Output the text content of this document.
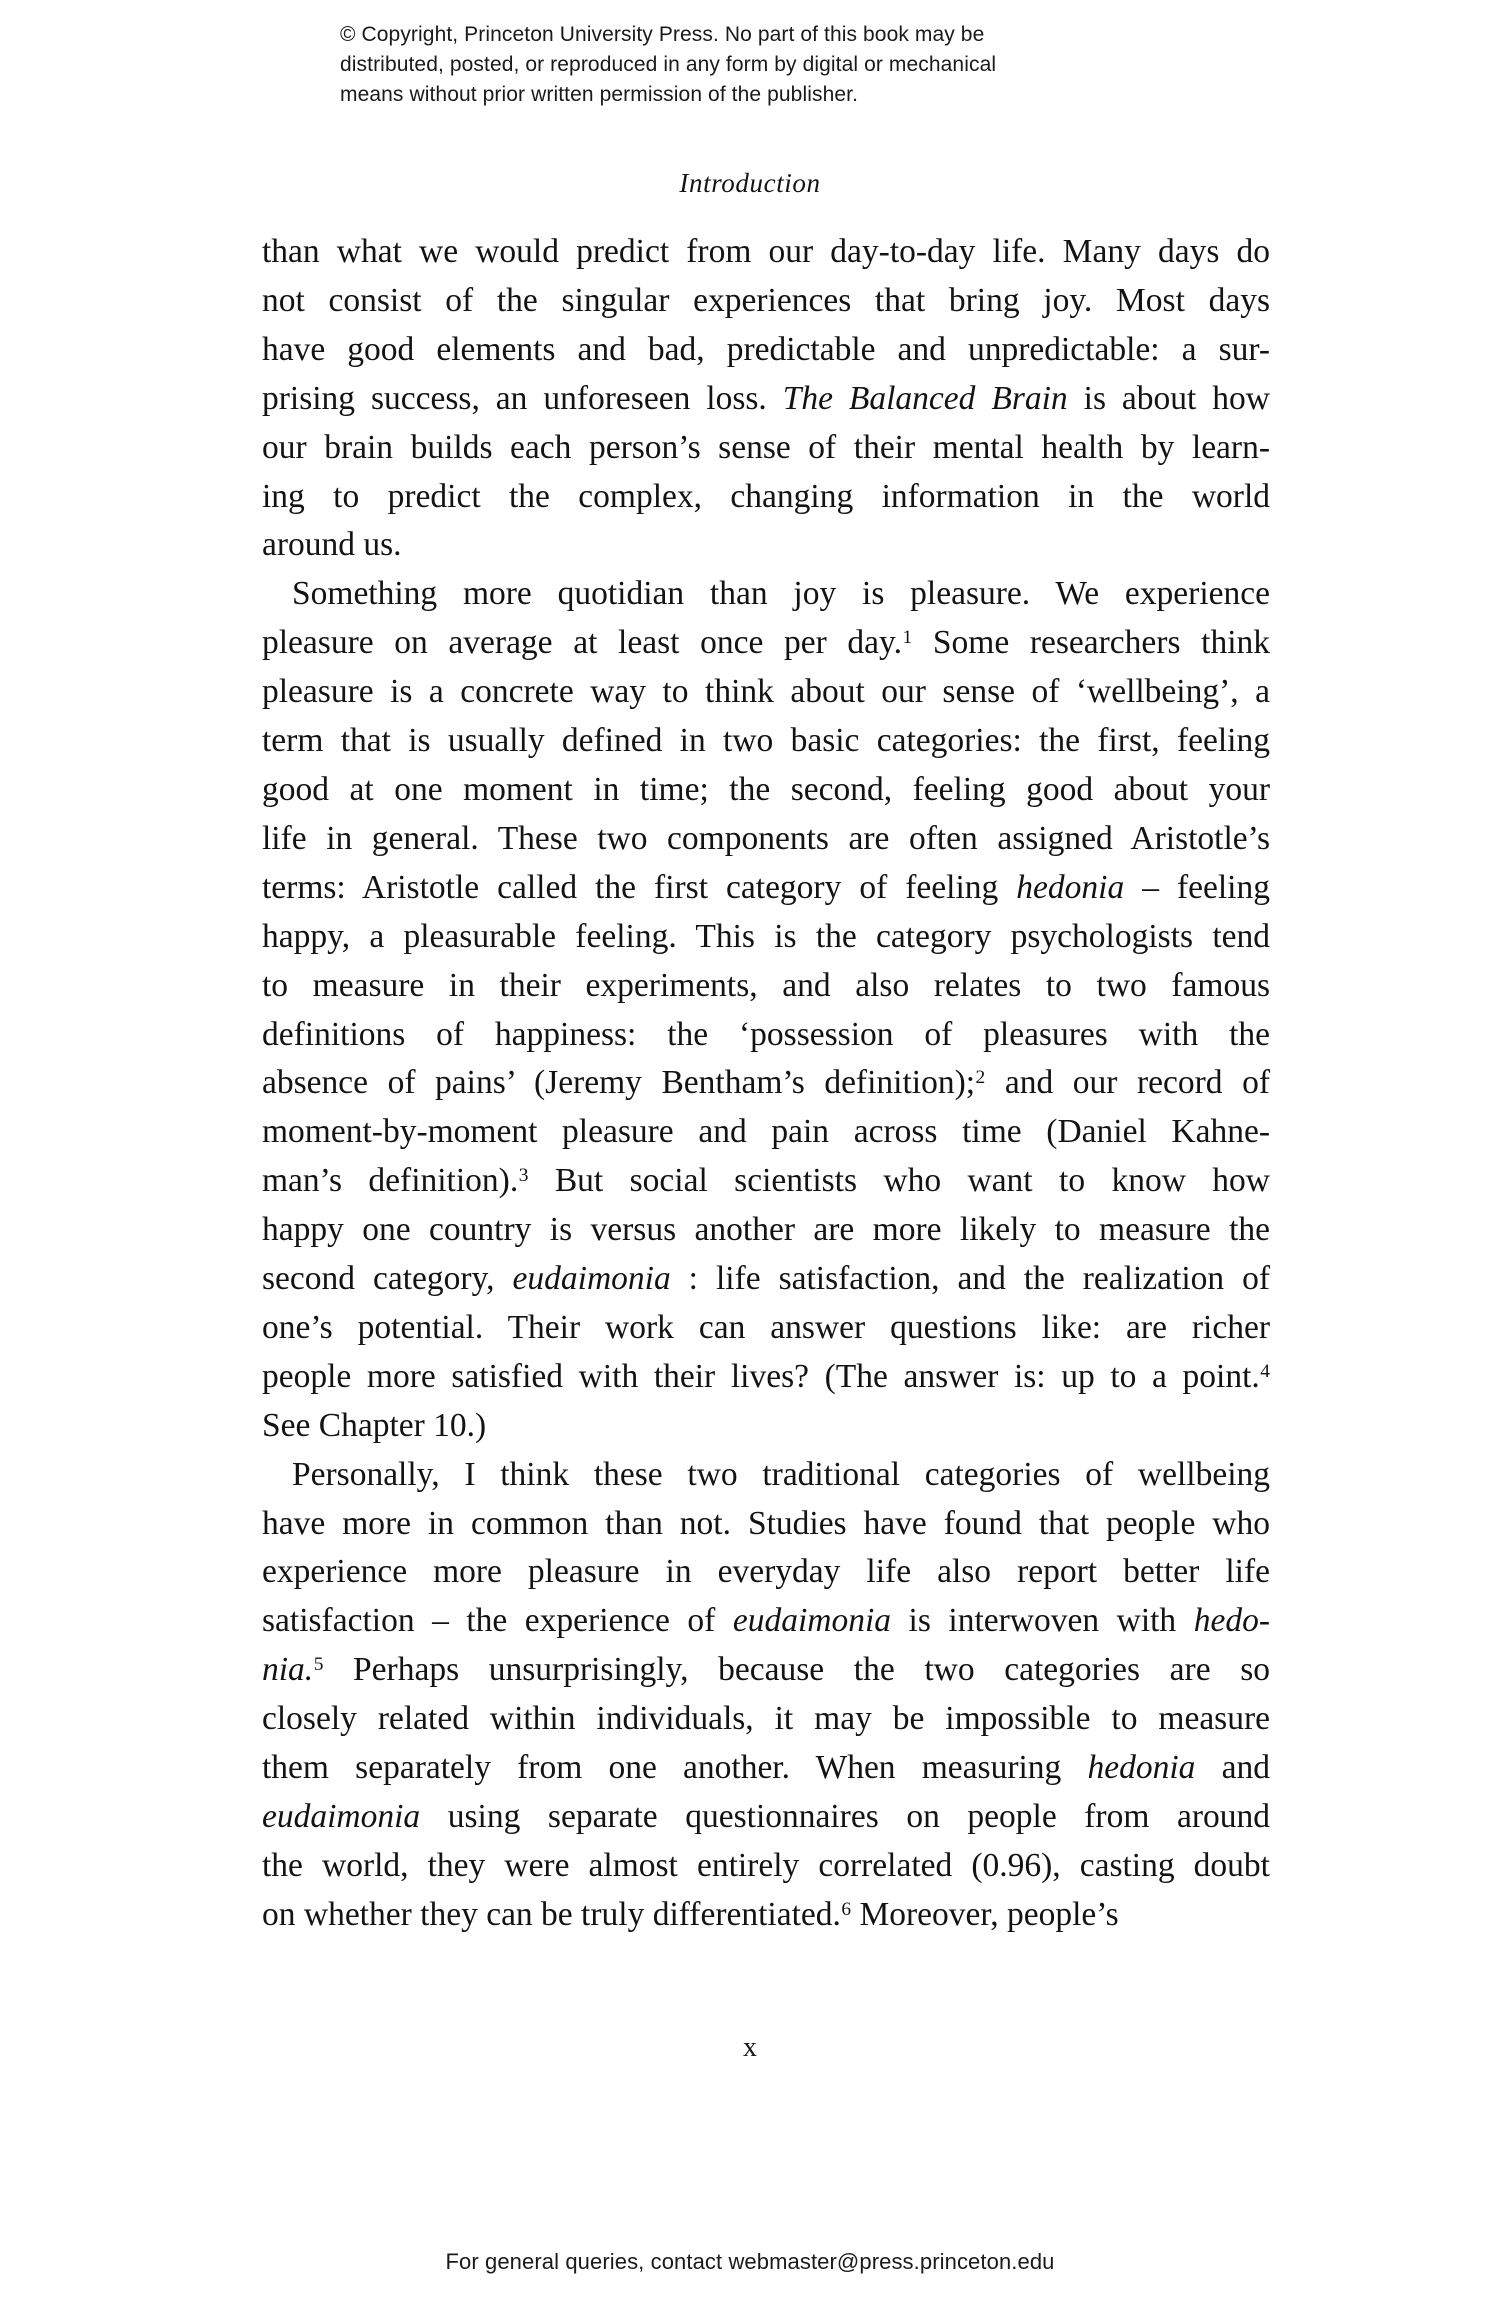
© Copyright, Princeton University Press. No part of this book may be
distributed, posted, or reproduced in any form by digital or mechanical
means without prior written permission of the publisher.
Introduction

than what we would predict from our day-to-day life. Many days do
not consist of the singular experiences that bring joy. Most days
have good elements and bad, predictable and unpredictable: a sur-
prising success, an unforeseen loss. The Balanced Brain is about how
our brain builds each person’s sense of their mental health by learn-
ing to predict the complex, changing information in the world
around us.

Something more quotidian than joy is pleasure. We experience
pleasure on average at least once per day.$^1$ Some researchers think
pleasure is a concrete way to think about our sense of ‘wellbeing’, a
term that is usually defined in two basic categories: the first, feeling
good at one moment in time; the second, feeling good about your
life in general. These two components are often assigned Aristotle’s
terms: Aristotle called the first category of feeling hedonia – feeling
happy, a pleasurable feeling. This is the category psychologists tend
to measure in their experiments, and also relates to two famous
definitions of happiness: the ‘possession of pleasures with the
absence of pains’ (Jeremy Bentham’s definition);$^2$ and our record of
moment-by-moment pleasure and pain across time (Daniel Kahne-
man’s definition).$^3$ But social scientists who want to know how
happy one country is versus another are more likely to measure the
second category, eudaimonia : life satisfaction, and the realization of
one’s potential. Their work can answer questions like: are richer
people more satisfied with their lives? (The answer is: up to a point.$^4$
See Chapter 10.)

Personally, I think these two traditional categories of wellbeing
have more in common than not. Studies have found that people who
experience more pleasure in everyday life also report better life
satisfaction – the experience of eudaimonia is interwoven with hedo-
nia.$^5$ Perhaps unsurprisingly, because the two categories are so
closely related within individuals, it may be impossible to measure
them separately from one another. When measuring hedonia and
eudaimonia using separate questionnaires on people from around
the world, they were almost entirely correlated (0.96), casting doubt
on whether they can be truly differentiated.$^6$ Moreover, people’s

x
For general queries, contact webmaster@press.princeton.edu
